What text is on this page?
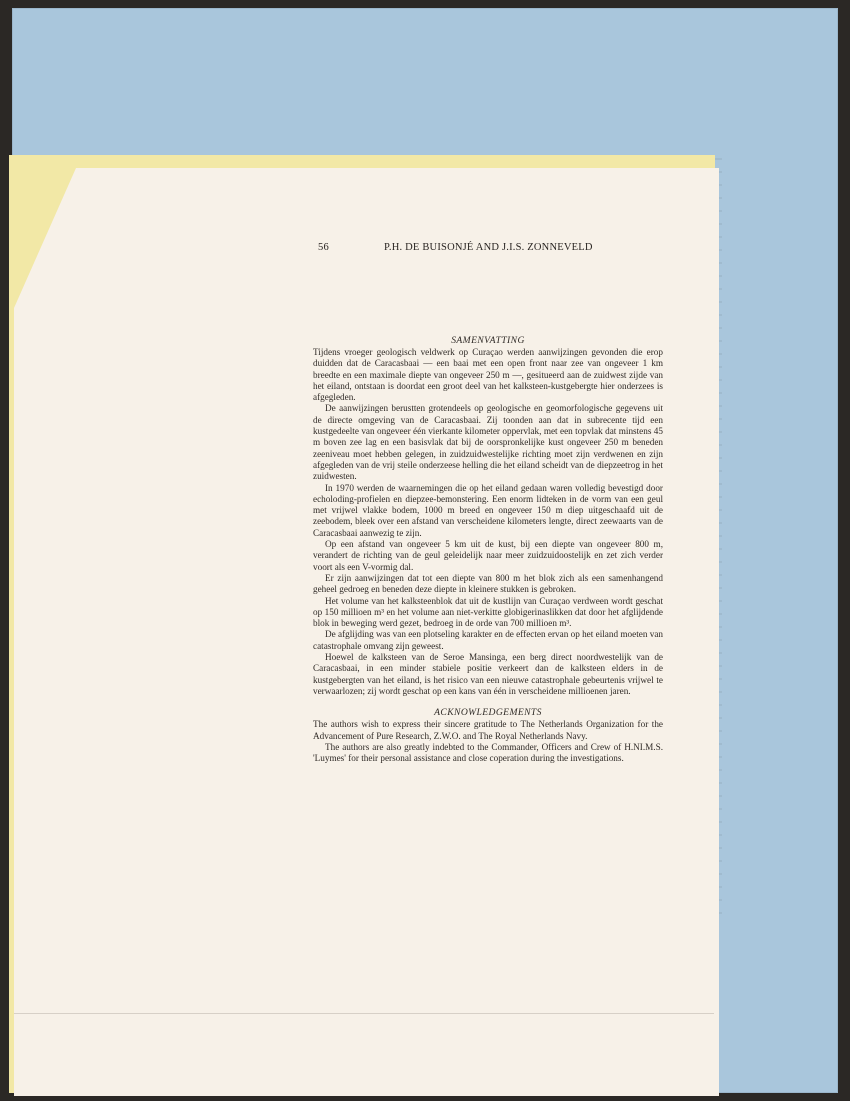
56	P.H. DE BUISONJÉ AND J.I.S. ZONNEVELD
SAMENVATTING

Tijdens vroeger geologisch veldwerk op Curaçao werden aanwijzingen gevonden die erop duidden dat de Caracasbaai — een baai met een open front naar zee van ongeveer 1 km breedte en een maximale diepte van ongeveer 250 m —, gesitueerd aan de zuidwest zijde van het eiland, ontstaan is doordat een groot deel van het kalksteen-kustgebergte hier onderzees is afgegleden.

De aanwijzingen berustten grotendeels op geologische en geomorfologische gegevens uit de directe omgeving van de Caracasbaai. Zij toonden aan dat in subrecente tijd een kustgedeelte van ongeveer één vierkante kilometer oppervlak, met een topvlak dat minstens 45 m boven zee lag en een basisvlak dat bij de oorspronkelijke kust ongeveer 250 m beneden zeeniveau moet hebben gelegen, in zuidzuidwestelijke richting moet zijn verdwenen en zijn afgegleden van de vrij steile onderzeese helling die het eiland scheidt van de diepzeetrog in het zuidwesten.

In 1970 werden de waarnemingen die op het eiland gedaan waren volledig bevestigd door echoloding-profielen en diepzee-bemonstering. Een enorm lidteken in de vorm van een geul met vrijwel vlakke bodem, 1000 m breed en ongeveer 150 m diep uitgeschaafd uit de zeebodem, bleek over een afstand van verscheidene kilometers lengte, direct zeewaarts van de Caracasbaai aanwezig te zijn.

Op een afstand van ongeveer 5 km uit de kust, bij een diepte van ongeveer 800 m, verandert de richting van de geul geleidelijk naar meer zuidzuidoostelijk en zet zich verder voort als een V-vormig dal.

Er zijn aanwijzingen dat tot een diepte van 800 m het blok zich als een samenhangend geheel gedroeg en beneden deze diepte in kleinere stukken is gebroken.

Het volume van het kalksteenblok dat uit de kustlijn van Curaçao verdween wordt geschat op 150 millioen m³ en het volume aan niet-verkitte globigerinaslikken dat door het afglijdende blok in beweging werd gezet, bedroeg in de orde van 700 millioen m³.

De afglijding was van een plotseling karakter en de effecten ervan op het eiland moeten van catastrophale omvang zijn geweest.

Hoewel de kalksteen van de Seroe Mansinga, een berg direct noordwestelijk van de Caracasbaai, in een minder stabiele positie verkeert dan de kalksteen elders in de kustgebergten van het eiland, is het risico van een nieuwe catastrophale gebeurtenis vrijwel te verwaarlozen; zij wordt geschat op een kans van één in verscheidene millioenen jaren.

ACKNOWLEDGEMENTS

The authors wish to express their sincere gratitude to The Netherlands Organization for the Advancement of Pure Research, Z.W.O. and The Royal Netherlands Navy.

The authors are also greatly indebted to the Commander, Officers and Crew of H.NI.M.S. 'Luymes' for their personal assistance and close coperation during the investigations.
